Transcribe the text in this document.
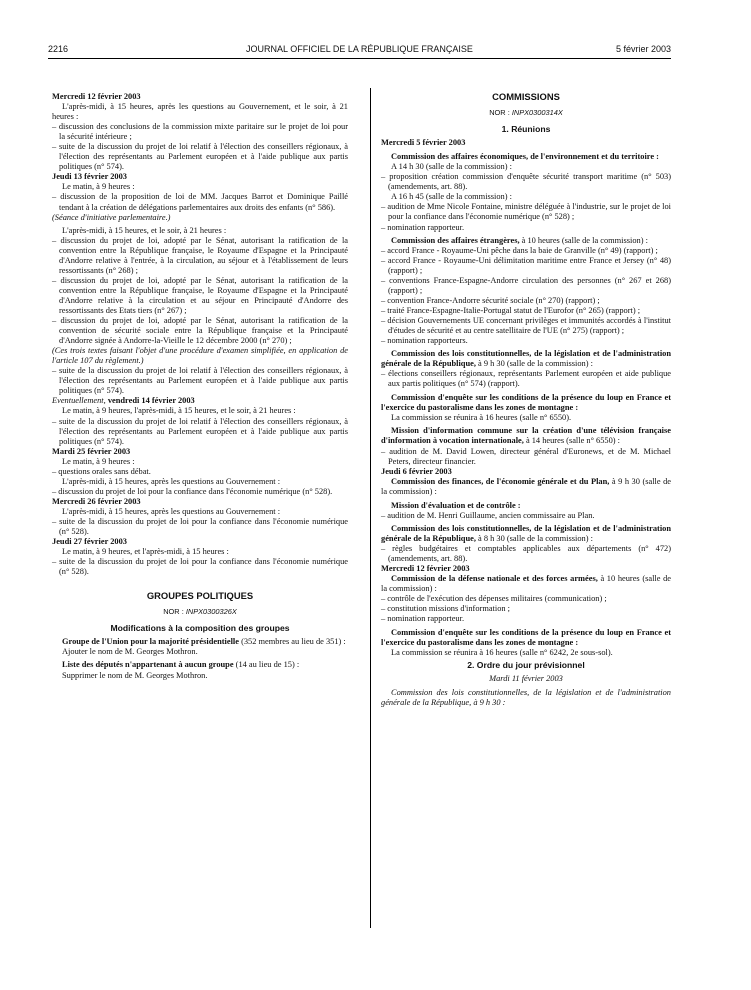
2216	JOURNAL OFFICIEL DE LA RÉPUBLIQUE FRANÇAISE	5 février 2003

Mercredi 12 février 2003

L'après-midi, à 15 heures, après les questions au Gouvernement, et le soir, à 21 heures :

– discussion des conclusions de la commission mixte paritaire sur le projet de loi pour la sécurité intérieure ;

– suite de la discussion du projet de loi relatif à l'élection des conseillers régionaux, à l'élection des représentants au Parlement européen et à l'aide publique aux partis politiques (n° 574).

Jeudi 13 février 2003

Le matin, à 9 heures :

– discussion de la proposition de loi de MM. Jacques Barrot et Dominique Paillé tendant à la création de délégations parlementaires aux droits des enfants (n° 586).

(Séance d'initiative parlementaire.)

L'après-midi, à 15 heures, et le soir, à 21 heures :

– discussion du projet de loi, adopté par le Sénat, autorisant la ratification de la convention entre la République française, le Royaume d'Espagne et la Principauté d'Andorre relative à l'entrée, à la circulation, au séjour et à l'établissement de leurs ressortissants (n° 268) ;

– discussion du projet de loi, adopté par le Sénat, autorisant la ratification de la convention entre la République française, le Royaume d'Espagne et la Principauté d'Andorre relative à la circulation et au séjour en Principauté d'Andorre des ressortissants des Etats tiers (n° 267) ;

– discussion du projet de loi, adopté par le Sénat, autorisant la ratification de la convention de sécurité sociale entre la République française et la Principauté d'Andorre signée à Andorre-la-Vieille le 12 décembre 2000 (n° 270) ;

(Ces trois textes faisant l'objet d'une procédure d'examen simplifiée, en application de l'article 107 du règlement.)

– suite de la discussion du projet de loi relatif à l'élection des conseillers régionaux, à l'élection des représentants au Parlement européen et à l'aide publique aux partis politiques (n° 574).

Eventuellement, vendredi 14 février 2003

Le matin, à 9 heures, l'après-midi, à 15 heures, et le soir, à 21 heures :

– suite de la discussion du projet de loi relatif à l'élection des conseillers régionaux, à l'élection des représentants au Parlement européen et à l'aide publique aux partis politiques (n° 574).

Mardi 25 février 2003

Le matin, à 9 heures :

– questions orales sans débat.

L'après-midi, à 15 heures, après les questions au Gouvernement :

– discussion du projet de loi pour la confiance dans l'économie numérique (n° 528).

Mercredi 26 février 2003

L'après-midi, à 15 heures, après les questions au Gouvernement :

– suite de la discussion du projet de loi pour la confiance dans l'économie numérique (n° 528).

Jeudi 27 février 2003

Le matin, à 9 heures, et l'après-midi, à 15 heures :

– suite de la discussion du projet de loi pour la confiance dans l'économie numérique (n° 528).

GROUPES POLITIQUES

NOR : INPX0300326X

Modifications à la composition des groupes

Groupe de l'Union pour la majorité présidentielle (352 membres au lieu de 351) :

Ajouter le nom de M. Georges Mothron.

Liste des députés n'appartenant à aucun groupe (14 au lieu de 15) :

Supprimer le nom de M. Georges Mothron.

COMMISSIONS

NOR : INPX0300314X

1. Réunions

Mercredi 5 février 2003

Commission des affaires économiques, de l'environnement et du territoire :

A 14 h 30 (salle de la commission) :

– proposition création commission d'enquête sécurité transport maritime (n° 503) (amendements, art. 88).

A 16 h 45 (salle de la commission) :

– audition de Mme Nicole Fontaine, ministre déléguée à l'industrie, sur le projet de loi pour la confiance dans l'économie numérique (n° 528) ;

– nomination rapporteur.

Commission des affaires étrangères, à 10 heures (salle de la commission) :

– accord France - Royaume-Uni pêche dans la baie de Granville (n° 49) (rapport) ;

– accord France - Royaume-Uni délimitation maritime entre France et Jersey (n° 48) (rapport) ;

– conventions France-Espagne-Andorre circulation des personnes (n° 267 et 268) (rapport) ;

– convention France-Andorre sécurité sociale (n° 270) (rapport) ;

– traité France-Espagne-Italie-Portugal statut de l'Eurofor (n° 265) (rapport) ;

– décision Gouvernements UE concernant privilèges et immunités accordés à l'institut d'études de sécurité et au centre satellitaire de l'UE (n° 275) (rapport) ;

– nomination rapporteurs.

Commission des lois constitutionnelles, de la législation et de l'administration générale de la République, à 9 h 30 (salle de la commission) :

– élections conseillers régionaux, représentants Parlement européen et aide publique aux partis politiques (n° 574) (rapport).

Commission d'enquête sur les conditions de la présence du loup en France et l'exercice du pastoralisme dans les zones de montagne :

La commission se réunira à 16 heures (salle n° 6550).

Mission d'information commune sur la création d'une télévision française d'information à vocation internationale, à 14 heures (salle n° 6550) :

– audition de M. David Lowen, directeur général d'Euronews, et de M. Michael Peters, directeur financier.

Jeudi 6 février 2003

Commission des finances, de l'économie générale et du Plan, à 9 h 30 (salle de la commission) :

Mission d'évaluation et de contrôle :

– audition de M. Henri Guillaume, ancien commissaire au Plan.

Commission des lois constitutionnelles, de la législation et de l'administration générale de la République, à 8 h 30 (salle de la commission) :

– règles budgétaires et comptables applicables aux départements (n° 472) (amendements, art. 88).

Mercredi 12 février 2003

Commission de la défense nationale et des forces armées, à 10 heures (salle de la commission) :

– contrôle de l'exécution des dépenses militaires (communication) ;

– constitution missions d'information ;

– nomination rapporteur.

Commission d'enquête sur les conditions de la présence du loup en France et l'exercice du pastoralisme dans les zones de montagne :

La commission se réunira à 16 heures (salle n° 6242, 2e sous-sol).

2. Ordre du jour prévisionnel

Mardi 11 février 2003

Commission des lois constitutionnelles, de la législation et de l'administration générale de la République, à 9 h 30 :
